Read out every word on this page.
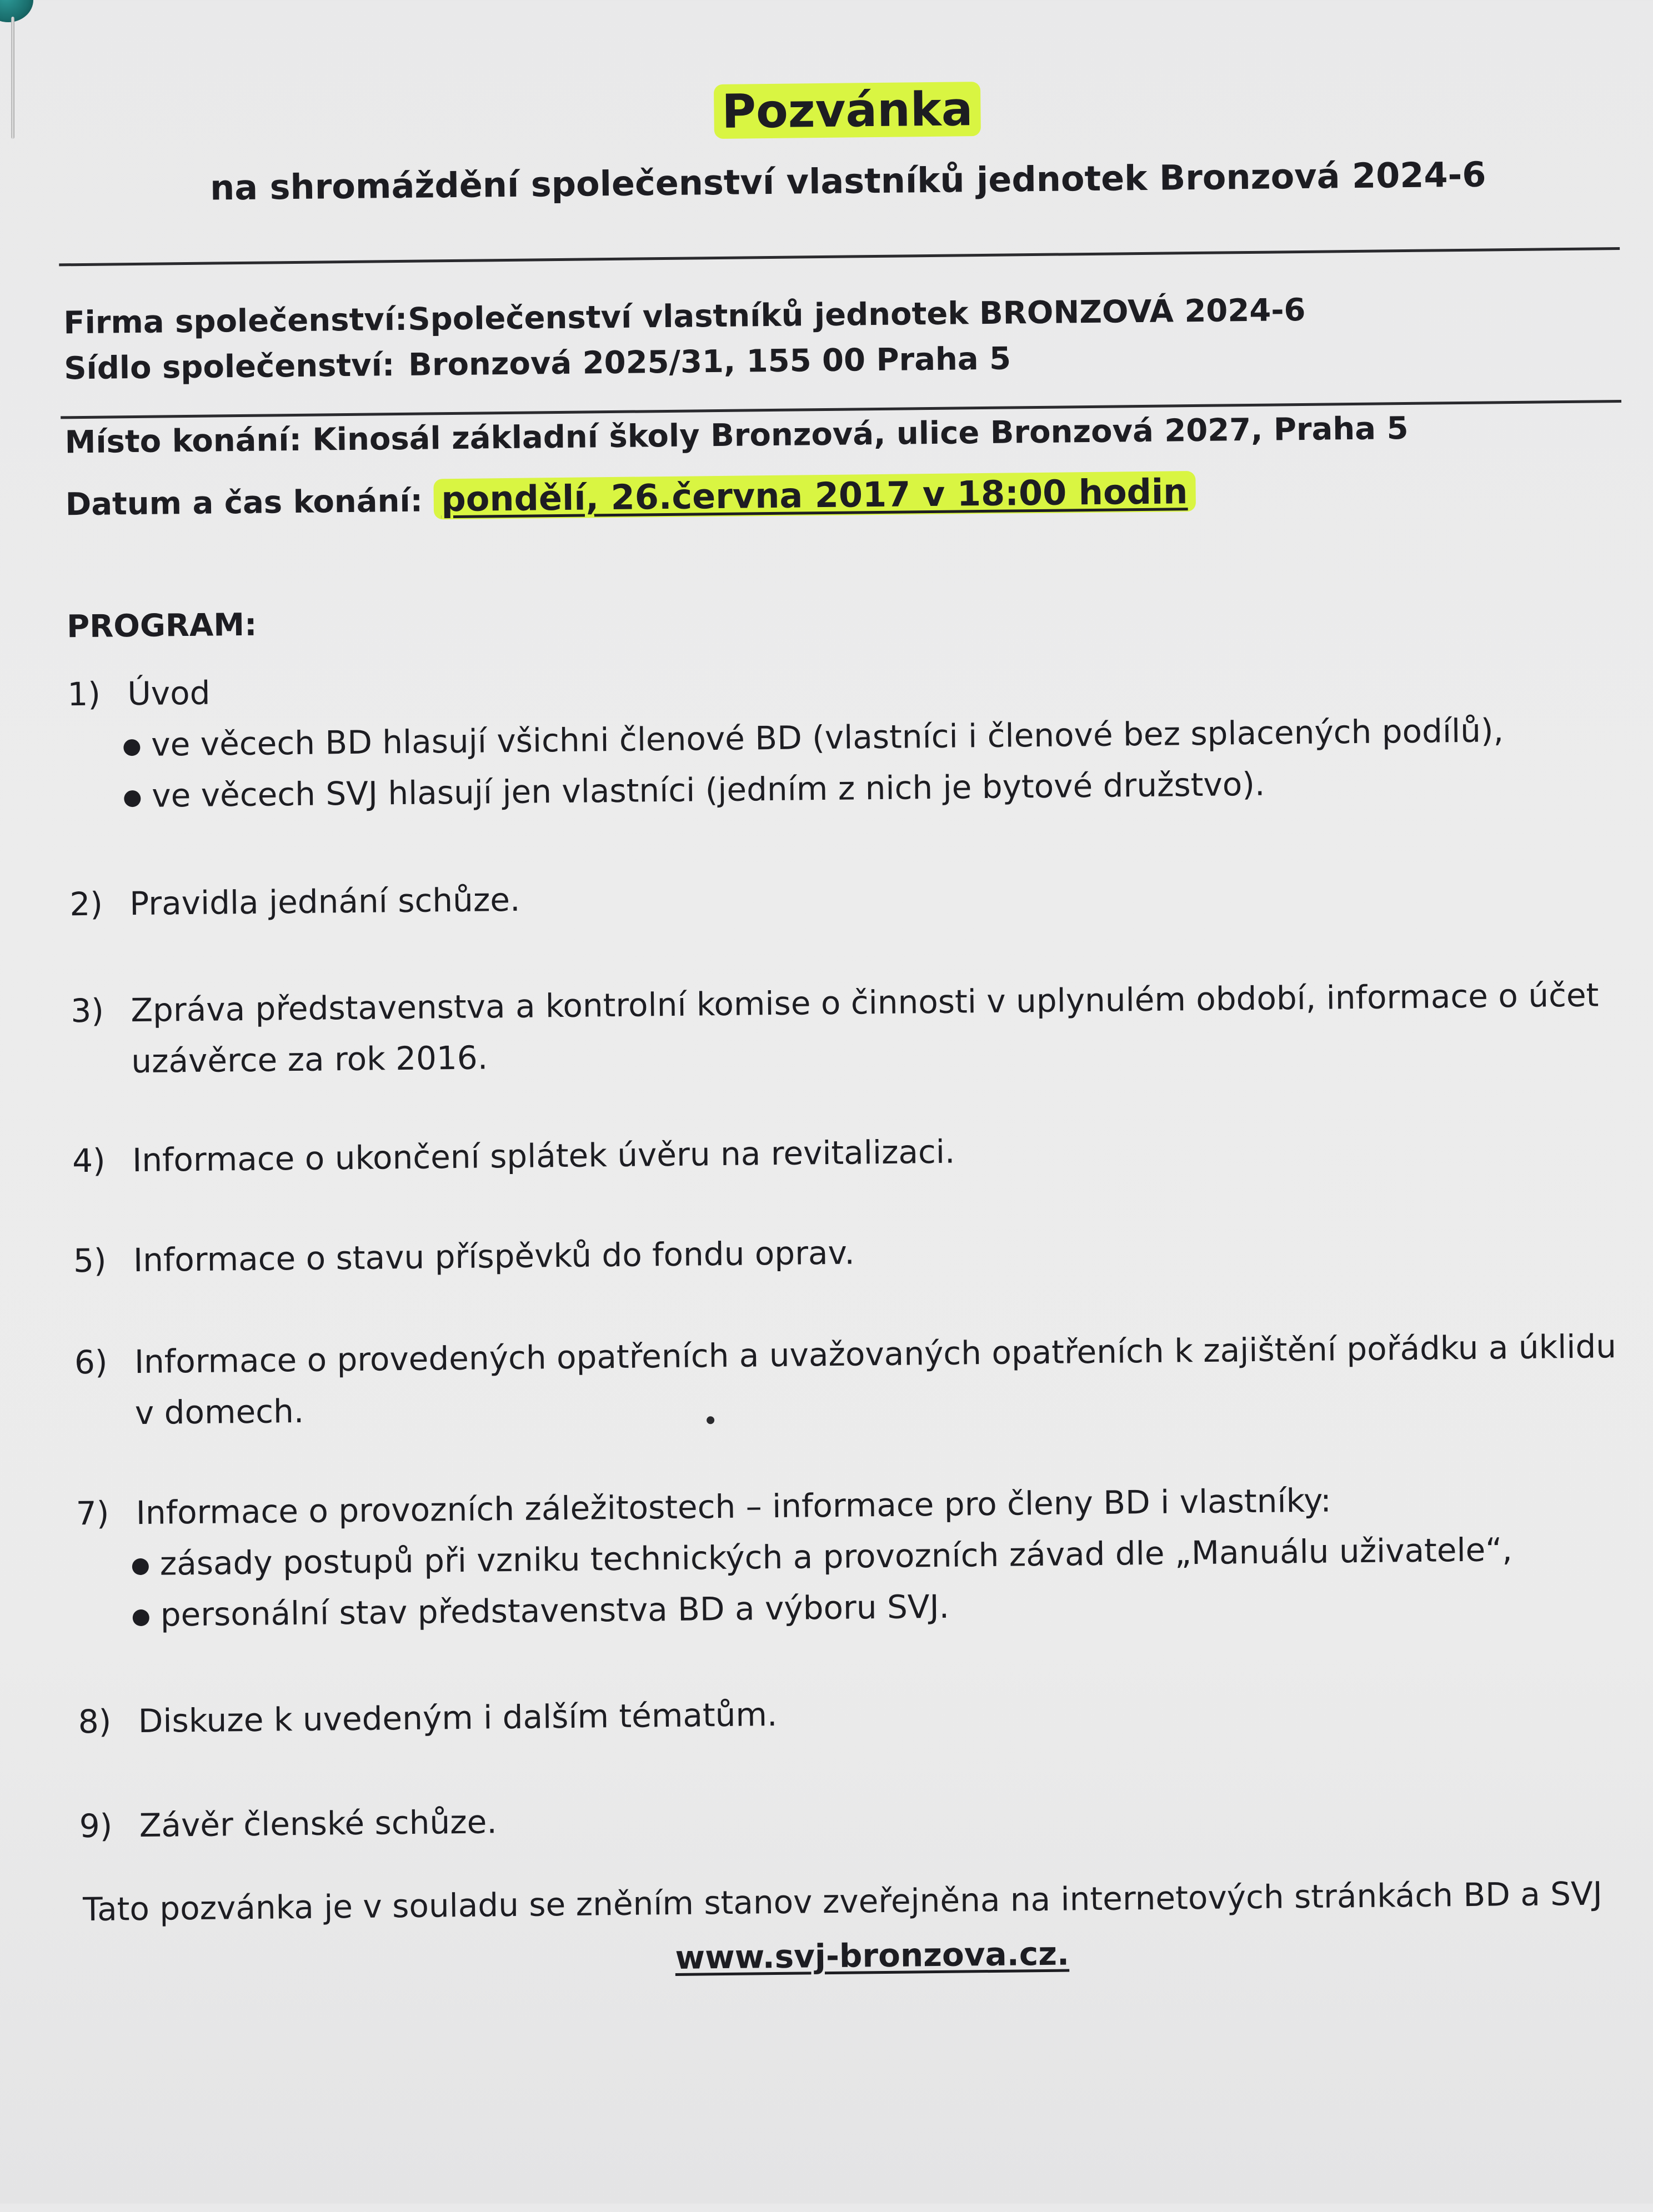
Pozvánka
na shromáždění společenství vlastníků jednotek Bronzová 2024-6
Firma společenství:Společenství vlastníků jednotek BRONZOVÁ 2024-6
Sídlo společenství: Bronzová 2025/31, 155 00 Praha 5
Místo konání: Kinosál základní školy Bronzová, ulice Bronzová 2027, Praha 5
Datum a čas konání: pondělí, 26.června 2017 v 18:00 hodin
PROGRAM:
1) Úvod
ve věcech BD hlasují všichni členové BD (vlastníci i členové bez splacených podílů),
ve věcech SVJ hlasují jen vlastníci (jedním z nich je bytové družstvo).
2) Pravidla jednání schůze.
3) Zpráva představenstva a kontrolní komise o činnosti v uplynulém období, informace o účet
uzávěrce za rok 2016.
4) Informace o ukončení splátek úvěru na revitalizaci.
5) Informace o stavu příspěvků do fondu oprav.
6) Informace o provedených opatřeních a uvažovaných opatřeních k zajištění pořádku a úklidu
v domech.
7) Informace o provozních záležitostech – informace pro členy BD i vlastníky:
zásady postupů při vzniku technických a provozních závad dle „Manuálu uživatele“,
personální stav představenstva BD a výboru SVJ.
8) Diskuze k uvedeným i dalším tématům.
9) Závěr členské schůze.
Tato pozvánka je v souladu se zněním stanov zveřejněna na internetových stránkách BD a SVJ
www.svj-bronzova.cz.
